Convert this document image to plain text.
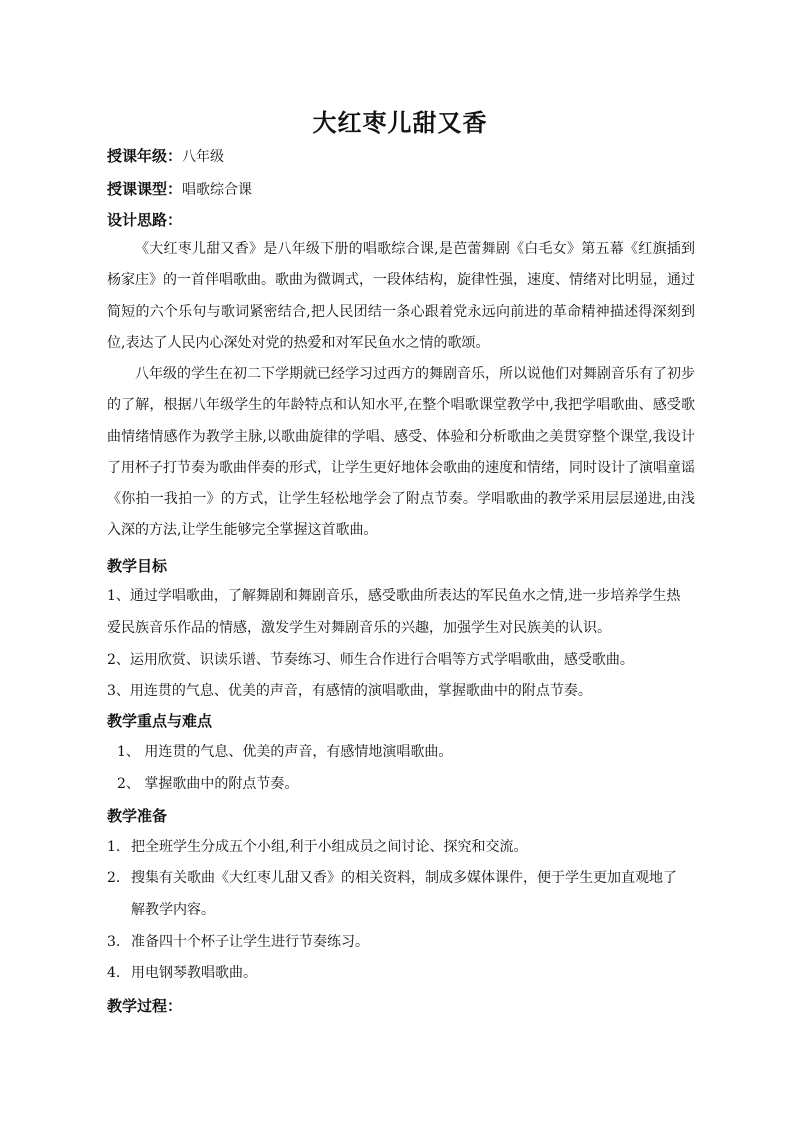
大红枣儿甜又香
授课年级：八年级
授课课型：唱歌综合课
设计思路：
《大红枣儿甜又香》是八年级下册的唱歌综合课,是芭蕾舞剧《白毛女》第五幕《红旗插到杨家庄》的一首伴唱歌曲。歌曲为微调式，一段体结构，旋律性强，速度、情绪对比明显，通过简短的六个乐句与歌词紧密结合,把人民团结一条心跟着党永远向前进的革命精神描述得深刻到位,表达了人民内心深处对党的热爱和对军民鱼水之情的歌颂。
八年级的学生在初二下学期就已经学习过西方的舞剧音乐，所以说他们对舞剧音乐有了初步的了解，根据八年级学生的年龄特点和认知水平,在整个唱歌课堂教学中,我把学唱歌曲、感受歌曲情绪情感作为教学主脉,以歌曲旋律的学唱、感受、体验和分析歌曲之美贯穿整个课堂,我设计了用杯子打节奏为歌曲伴奏的形式，让学生更好地体会歌曲的速度和情绪，同时设计了演唱童谣《你拍一我拍一》的方式，让学生轻松地学会了附点节奏。学唱歌曲的教学采用层层递进,由浅入深的方法,让学生能够完全掌握这首歌曲。
教学目标
1、通过学唱歌曲，了解舞剧和舞剧音乐，感受歌曲所表达的军民鱼水之情,进一步培养学生热
爱民族音乐作品的情感，激发学生对舞剧音乐的兴趣，加强学生对民族美的认识。
2、运用欣赏、识读乐谱、节奏练习、师生合作进行合唱等方式学唱歌曲，感受歌曲。
3、用连贯的气息、优美的声音，有感情的演唱歌曲，掌握歌曲中的附点节奏。
教学重点与难点
1、 用连贯的气息、优美的声音，有感情地演唱歌曲。
2、 掌握歌曲中的附点节奏。
教学准备
1. 把全班学生分成五个小组,利于小组成员之间讨论、探究和交流。
2. 搜集有关歌曲《大红枣儿甜又香》的相关资料，制成多媒体课件，便于学生更加直观地了
解教学内容。
3. 准备四十个杯子让学生进行节奏练习。
4. 用电钢琴教唱歌曲。
教学过程：
